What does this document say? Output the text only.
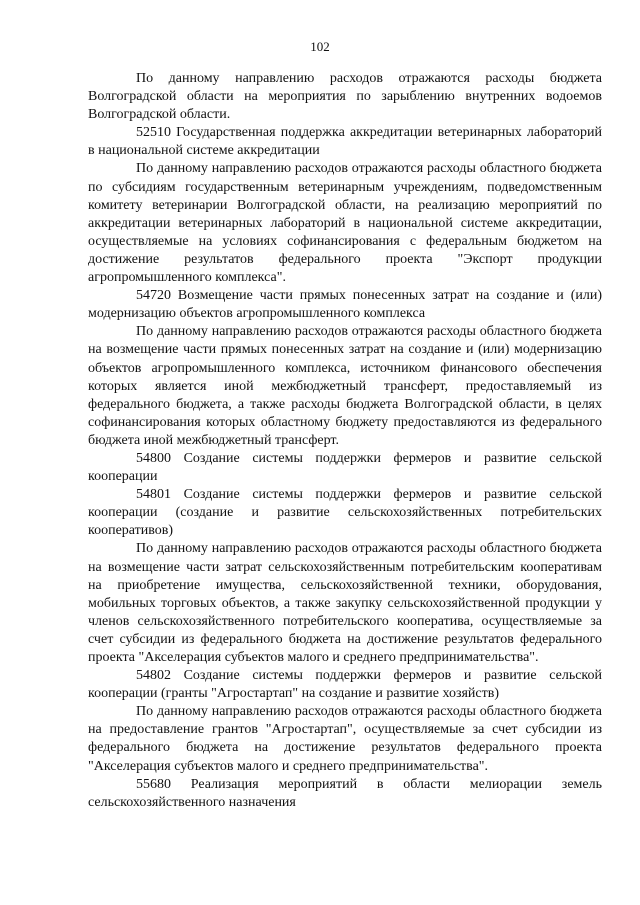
102

По данному направлению расходов отражаются расходы бюджета Волгоградской области на мероприятия по зарыблению внутренних водоемов Волгоградской области.

52510 Государственная поддержка аккредитации ветеринарных лабораторий в национальной системе аккредитации

По данному направлению расходов отражаются расходы областного бюджета по субсидиям государственным ветеринарным учреждениям, подведомственным комитету ветеринарии Волгоградской области, на реализацию мероприятий по аккредитации ветеринарных лабораторий в национальной системе аккредитации, осуществляемые на условиях софинансирования с федеральным бюджетом на достижение результатов федерального проекта "Экспорт продукции агропромышленного комплекса".

54720 Возмещение части прямых понесенных затрат на создание и (или) модернизацию объектов агропромышленного комплекса

По данному направлению расходов отражаются расходы областного бюджета на возмещение части прямых понесенных затрат на создание и (или) модернизацию объектов агропромышленного комплекса, источником финансового обеспечения которых является иной межбюджетный трансферт, предоставляемый из федерального бюджета, а также расходы бюджета Волгоградской области, в целях софинансирования которых областному бюджету предоставляются из федерального бюджета иной межбюджетный трансферт.

54800 Создание системы поддержки фермеров и развитие сельской кооперации

54801 Создание системы поддержки фермеров и развитие сельской кооперации (создание и развитие сельскохозяйственных потребительских кооперативов)

По данному направлению расходов отражаются расходы областного бюджета на возмещение части затрат сельскохозяйственным потребительским кооперативам на приобретение имущества, сельскохозяйственной техники, оборудования, мобильных торговых объектов, а также закупку сельскохозяйственной продукции у членов сельскохозяйственного потребительского кооператива, осуществляемые за счет субсидии из федерального бюджета на достижение результатов федерального проекта "Акселерация субъектов малого и среднего предпринимательства".

54802 Создание системы поддержки фермеров и развитие сельской кооперации (гранты "Агростартап" на создание и развитие хозяйств)

По данному направлению расходов отражаются расходы областного бюджета на предоставление грантов "Агростартап", осуществляемые за счет субсидии из федерального бюджета на достижение результатов федерального проекта "Акселерация субъектов малого и среднего предпринимательства".

55680 Реализация мероприятий в области мелиорации земель сельскохозяйственного назначения
